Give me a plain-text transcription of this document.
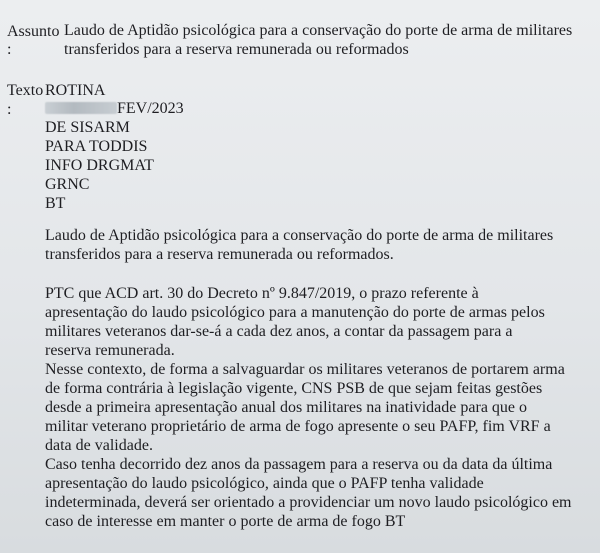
Assunto
:
Laudo de Aptidão psicológica para a conservação do porte de arma de militares
transferidos para a reserva remunerada ou reformados
Texto
:
ROTINA
FEV/2023
DE SISARM
PARA TODDIS
INFO DRGMAT
GRNC
BT
Laudo de Aptidão psicológica para a conservação do porte de arma de militares
transferidos para a reserva remunerada ou reformados.
PTC que ACD art. 30 do Decreto nº 9.847/2019, o prazo referente à
apresentação do laudo psicológico para a manutenção do porte de armas pelos
militares veteranos dar-se-á a cada dez anos, a contar da passagem para a
reserva remunerada.
Nesse contexto, de forma a salvaguardar os militares veteranos de portarem arma
de forma contrária à legislação vigente, CNS PSB de que sejam feitas gestões
desde a primeira apresentação anual dos militares na inatividade para que o
militar veterano proprietário de arma de fogo apresente o seu PAFP, fim VRF a
data de validade.
Caso tenha decorrido dez anos da passagem para a reserva ou da data da última
apresentação do laudo psicológico, ainda que o PAFP tenha validade
indeterminada, deverá ser orientado a providenciar um novo laudo psicológico em
caso de interesse em manter o porte de arma de fogo BT
